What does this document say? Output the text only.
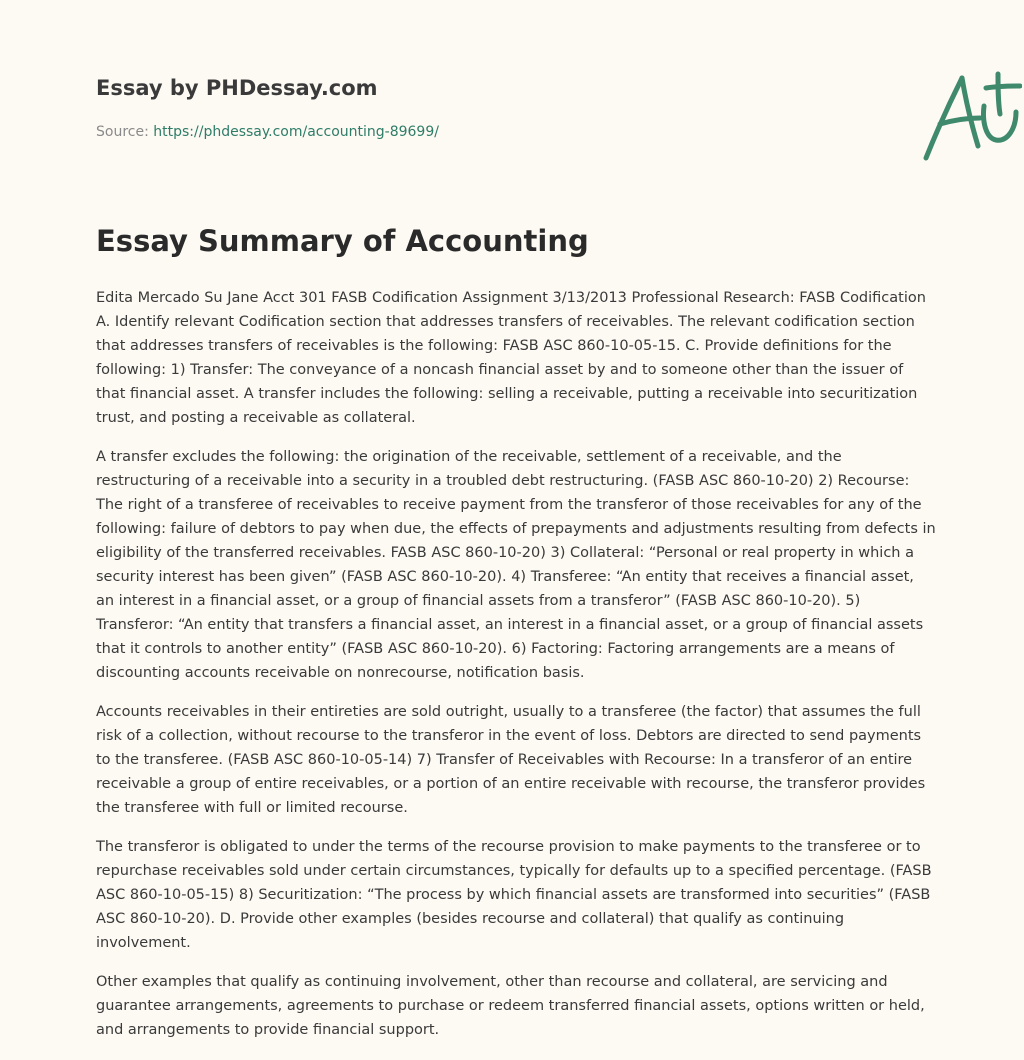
Essay by PHDessay.com
Source: https://phdessay.com/accounting-89699/
Essay Summary of Accounting

Edita Mercado Su Jane Acct 301 FASB Codification Assignment 3/13/2013 Professional Research: FASB Codification A. Identify relevant Codification section that addresses transfers of receivables. The relevant codification section that addresses transfers of receivables is the following: FASB ASC 860-10-05-15. C. Provide definitions for the following: 1) Transfer: The conveyance of a noncash financial asset by and to someone other than the issuer of that financial asset. A transfer includes the following: selling a receivable, putting a receivable into securitization trust, and posting a receivable as collateral.

A transfer excludes the following: the origination of the receivable, settlement of a receivable, and the restructuring of a receivable into a security in a troubled debt restructuring. (FASB ASC 860-10-20) 2) Recourse: The right of a transferee of receivables to receive payment from the transferor of those receivables for any of the following: failure of debtors to pay when due, the effects of prepayments and adjustments resulting from defects in eligibility of the transferred receivables. FASB ASC 860-10-20) 3) Collateral: “Personal or real property in which a security interest has been given” (FASB ASC 860-10-20). 4) Transferee: “An entity that receives a financial asset, an interest in a financial asset, or a group of financial assets from a transferor” (FASB ASC 860-10-20). 5) Transferor: “An entity that transfers a financial asset, an interest in a financial asset, or a group of financial assets that it controls to another entity” (FASB ASC 860-10-20). 6) Factoring: Factoring arrangements are a means of discounting accounts receivable on nonrecourse, notification basis.

Accounts receivables in their entireties are sold outright, usually to a transferee (the factor) that assumes the full risk of a collection, without recourse to the transferor in the event of loss. Debtors are directed to send payments to the transferee. (FASB ASC 860-10-05-14) 7) Transfer of Receivables with Recourse: In a transferor of an entire receivable a group of entire receivables, or a portion of an entire receivable with recourse, the transferor provides the transferee with full or limited recourse.

The transferor is obligated to under the terms of the recourse provision to make payments to the transferee or to repurchase receivables sold under certain circumstances, typically for defaults up to a specified percentage. (FASB ASC 860-10-05-15) 8) Securitization: “The process by which financial assets are transformed into securities” (FASB ASC 860-10-20). D. Provide other examples (besides recourse and collateral) that qualify as continuing involvement.

Other examples that qualify as continuing involvement, other than recourse and collateral, are servicing and guarantee arrangements, agreements to purchase or redeem transferred financial assets, options written or held, and arrangements to provide financial support.
